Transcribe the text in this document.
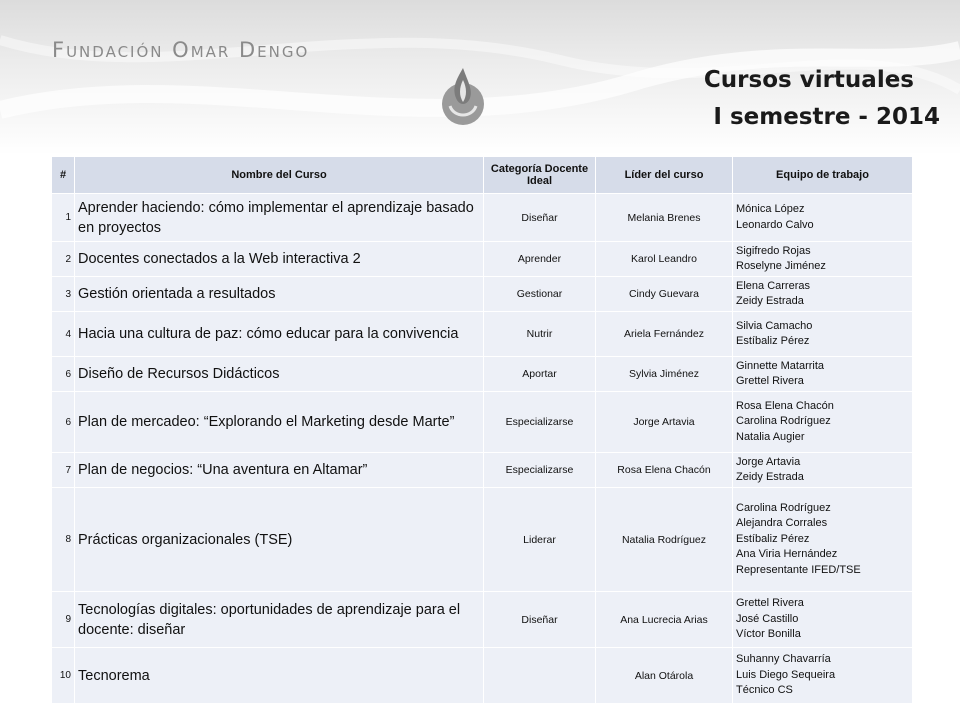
Fundación Omar Dengo
Cursos virtuales
I semestre - 2014
#	Nombre del Curso	Categoría Docente Ideal	Líder del curso	Equipo de trabajo
1	Aprender haciendo: cómo implementar el aprendizaje basado en proyectos	Diseñar	Melania Brenes	Mónica López
Leonardo Calvo

2	Docentes conectados a la Web interactiva 2	Aprender	Karol Leandro	Sigifredo Rojas
Roselyne Jiménez

3	Gestión orientada a resultados	Gestionar	Cindy Guevara	Elena Carreras
Zeidy Estrada

4	Hacia una cultura de paz: cómo educar para la convivencia	Nutrir	Ariela Fernández	Silvia Camacho
Estíbaliz Pérez

6	Diseño de Recursos Didácticos	Aportar	Sylvia Jiménez	Ginnette Matarrita
Grettel Rivera

6	Plan de mercadeo: “Explorando el Marketing desde Marte”	Especializarse	Jorge Artavia	Rosa Elena Chacón
Carolina Rodríguez
Natalia Augier

7	Plan de negocios: “Una aventura en Altamar”	Especializarse	Rosa Elena Chacón	Jorge Artavia
Zeidy Estrada

8	Prácticas organizacionales (TSE)	Liderar	Natalia Rodríguez	Carolina Rodríguez
Alejandra Corrales
Estíbaliz Pérez
Ana Viria Hernández
Representante IFED/TSE

9	Tecnologías digitales: oportunidades de aprendizaje para el docente: diseñar	Diseñar	Ana Lucrecia Arias	Grettel Rivera
José Castillo
Víctor Bonilla

10	Tecnorema		Alan Otárola	Suhanny Chavarría
Luis Diego Sequeira
Técnico CS
